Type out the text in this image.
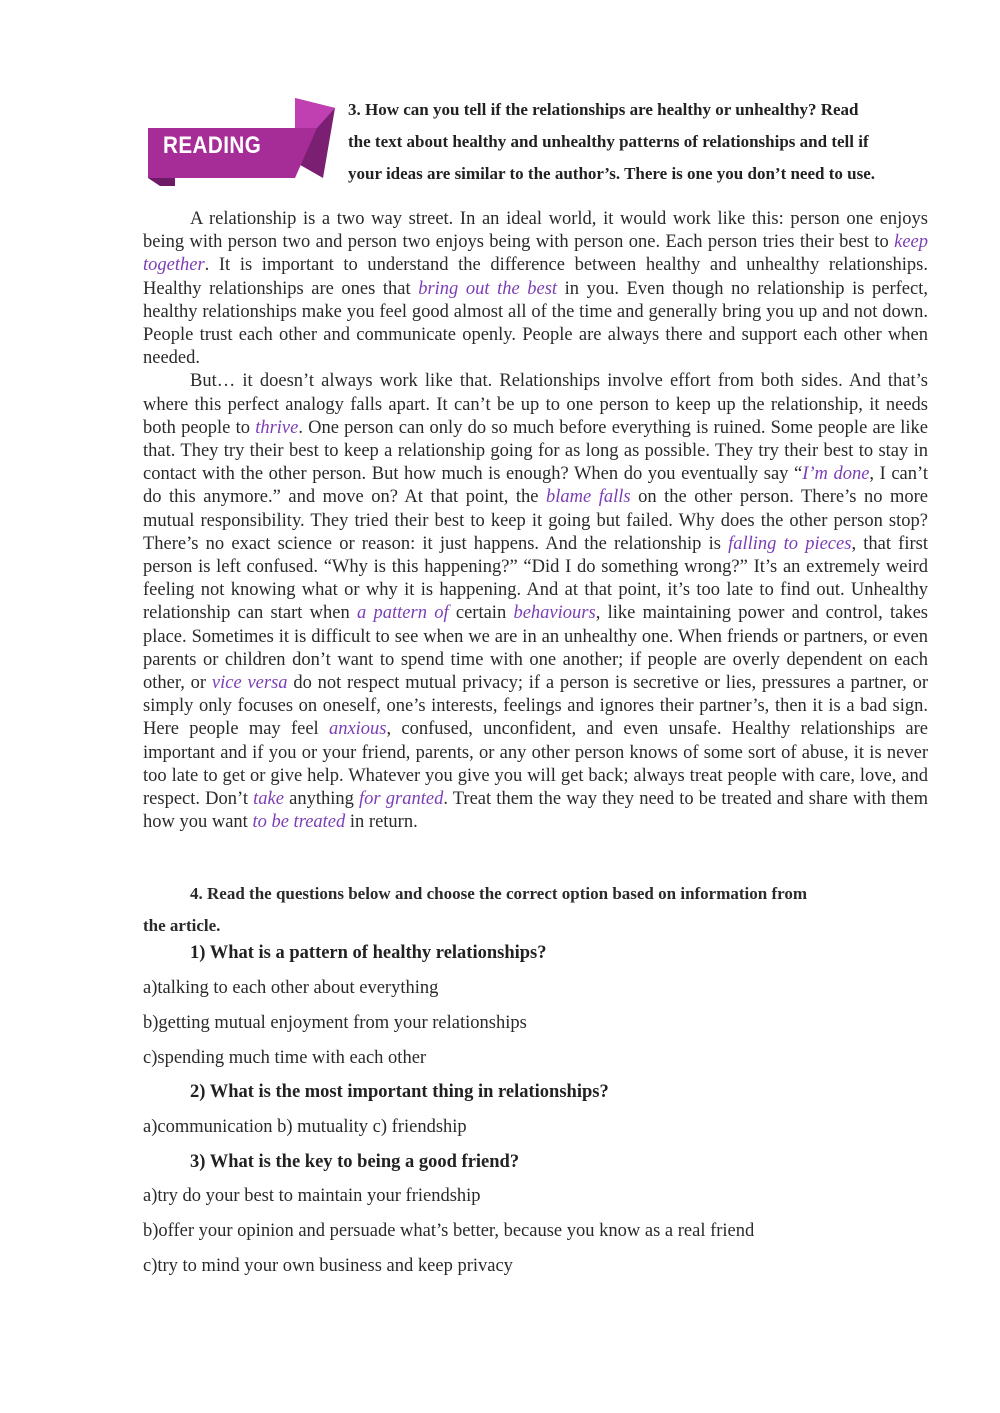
READING
3. How can you tell if the relationships are healthy or unhealthy? Read
the text about healthy and unhealthy patterns of relationships and tell if
your ideas are similar to the author’s. There is one you don’t need to use.

A relationship is a two way street. In an ideal world, it would work like this: person one enjoys being with person two and person two enjoys being with person one. Each person tries their best to keep together. It is important to understand the difference between healthy and unhealthy relationships. Healthy relationships are ones that bring out the best in you. Even though no relationship is perfect, healthy relationships make you feel good almost all of the time and generally bring you up and not down. People trust each other and communicate openly. People are always there and support each other when needed.

But… it doesn’t always work like that. Relationships involve effort from both sides. And that’s where this perfect analogy falls apart. It can’t be up to one person to keep up the relationship, it needs both people to thrive. One person can only do so much before everything is ruined. Some people are like that. They try their best to keep a relationship going for as long as possible. They try their best to stay in contact with the other person. But how much is enough? When do you eventually say “I’m done, I can’t do this anymore.” and move on? At that point, the blame falls on the other person. There’s no more mutual responsibility. They tried their best to keep it going but failed. Why does the other person stop? There’s no exact science or reason: it just happens. And the relationship is falling to pieces, that first person is left confused. “Why is this happening?” “Did I do something wrong?” It’s an extremely weird feeling not knowing what or why it is happening. And at that point, it’s too late to find out. Unhealthy relationship can start when a pattern of certain behaviours, like maintaining power and control, takes place. Sometimes it is difficult to see when we are in an unhealthy one. When friends or partners, or even parents or children don’t want to spend time with one another; if people are overly dependent on each other, or vice versa do not respect mutual privacy; if a person is secretive or lies, pressures a partner, or simply only focuses on oneself, one’s interests, feelings and ignores their partner’s, then it is a bad sign. Here people may feel anxious, confused, unconfident, and even unsafe. Healthy relationships are important and if you or your friend, parents, or any other person knows of some sort of abuse, it is never too late to get or give help. Whatever you give you will get back; always treat people with care, love, and respect. Don’t take anything for granted. Treat them the way they need to be treated and share with them how you want to be treated in return.

4. Read the questions below and choose the correct option based on information from
the article.
1) What is a pattern of healthy relationships?
a)talking to each other about everything
b)getting mutual enjoyment from your relationships
c)spending much time with each other
2) What is the most important thing in relationships?
a)communication b) mutuality c) friendship
3) What is the key to being a good friend?
a)try do your best to maintain your friendship
b)offer your opinion and persuade what’s better, because you know as a real friend
c)try to mind your own business and keep privacy
